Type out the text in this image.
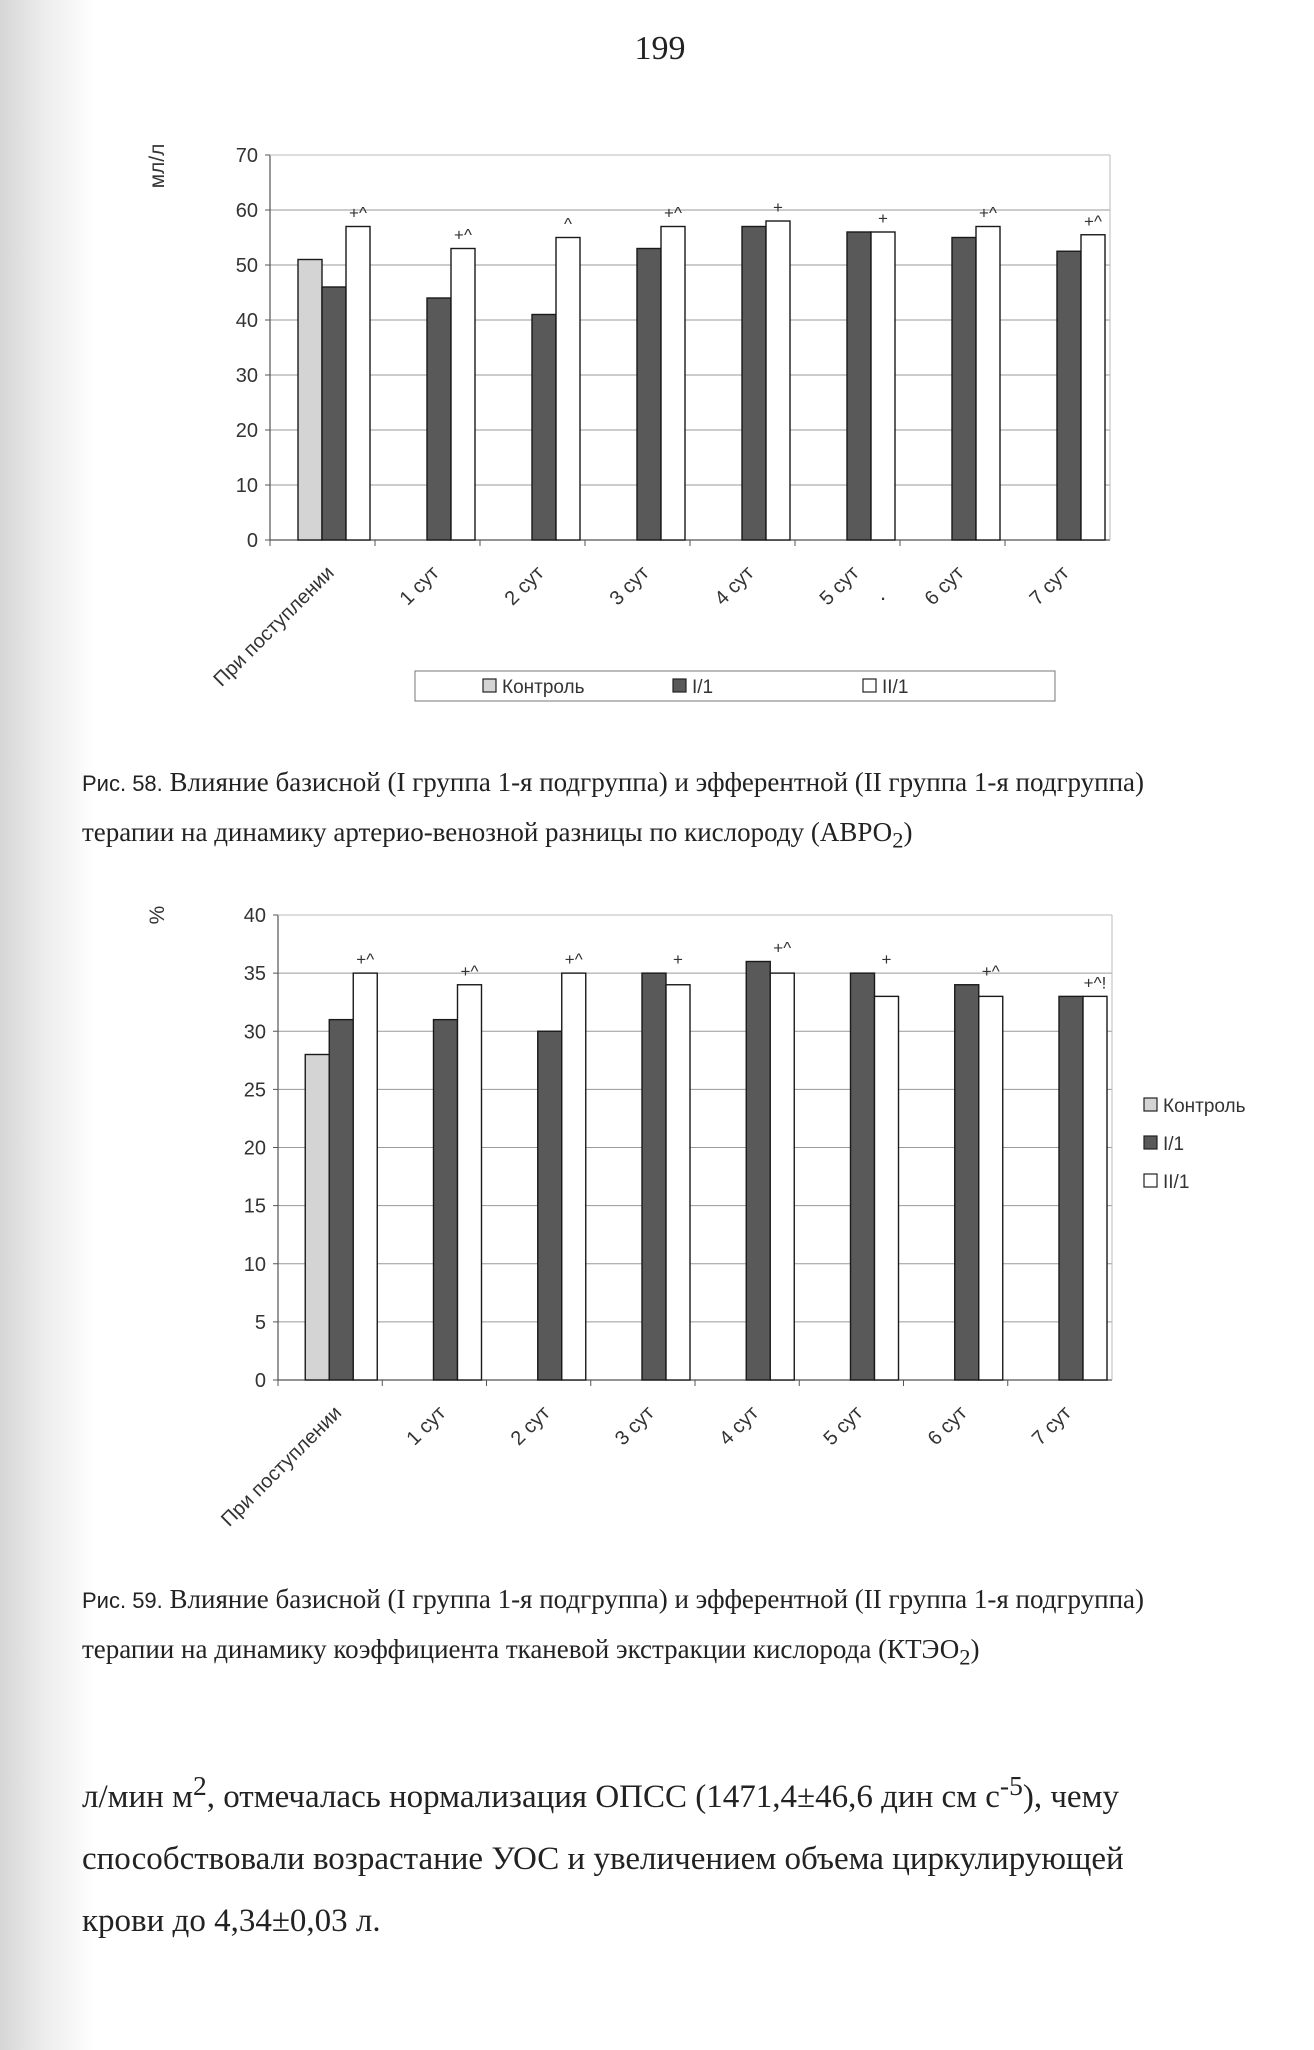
199
0
10
20
30
40
50
60
70
мл/л
+^
При поступлении
+^
1 сут
^
2 сут
+^
3 сут
+
4 сут
+
5 сут
+^
6 сут
+^
7 сут
Контроль	I/1	II/1
.
Рис. 58. Влияние базисной (I группа 1-я подгруппа) и эфферентной (II группа 1-я подгруппа)
терапии на динамику артерио-венозной разницы по кислороду $(АВРО_2)$
0
5
10
15
20
25
30
35
40
%
+^
При поступлении
+^
1 сут
+^
2 сут
+
3 сут
+^
4 сут
+
5 сут
+^
6 сут
+^!
7 сут
Контроль
I/1
II/1
Рис. 59. Влияние базисной (I группа 1-я подгруппа) и эфферентной (II группа 1-я подгруппа)
терапии на динамику коэффициента тканевой экстракции кислорода $(КТЭО_2)$

л/мин $м^2$, отмечалась нормализация ОПСС (1471,4±46,6 дин см $с^{-5}$), чему

способствовали возрастание УОС и увеличением объема циркулирующей

крови до 4,34±0,03 л.
